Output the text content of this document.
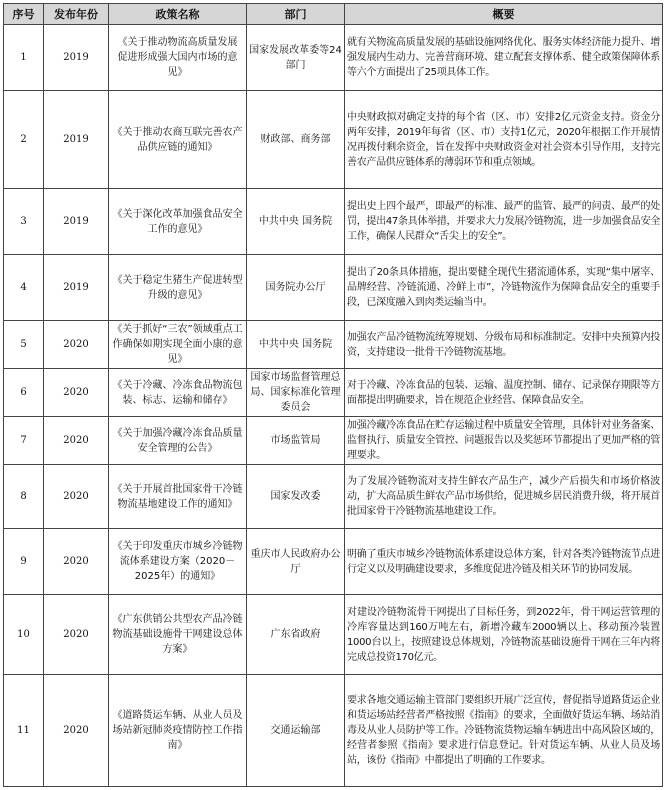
序号	发布年份	政策名称	部门	概要
1	2019	《关于推动物流高质量发展 促进形成强大国内市场的意见》	国家发展改革委等24部门	就有关物流高质量发展的基础设施网络优化、服务实体经济能力提升、增强发展内生动力、完善营商环境、建立配套支撑体系、健全政策保障体系等六个方面提出了25项具体工作。
2	2019	《关于推动农商互联完善农产品供应链的通知》	财政部、商务部	中央财政拟对确定支持的每个省（区、市）安排2亿元资金支持。资金分两年安排，2019年每省（区、市）支持1亿元，2020年根据工作开展情况再拨付剩余资金，旨在发挥中央财政资金对社会资本引导作用，支持完善农产品供应链体系的薄弱环节和重点领域。
3	2019	《关于深化改革加强食品安全工作的意见》	中共中央 国务院	提出史上四个最严，即最严的标准、最严的监管、最严的问责、最严的处罚，提出47条具体举措，并要求大力发展冷链物流，进一步加强食品安全工作，确保人民群众“舌尖上的安全”。
4	2019	《关于稳定生猪生产促进转型升级的意见》	国务院办公厅	提出了20条具体措施，提出要健全现代生猪流通体系，实现“集中屠宰、品牌经营、冷链流通、冷鲜上市”，冷链物流作为保障食品安全的重要手段，已深度融入到肉类运输当中。
5	2020	《关于抓好“三农”领域重点工作确保如期实现全面小康的意见》	中共中央 国务院	加强农产品冷链物流统筹规划、分级布局和标准制定。安排中央预算内投资，支持建设一批骨干冷链物流基地。
6	2020	《关于冷藏、冷冻食品物流包装、标志、运输和储存》	国家市场监督管理总局、国家标准化管理委员会	对于冷藏、冷冻食品的包装、运输、温度控制、储存、记录保存期限等方面都提出明确要求，旨在规范企业经营、保障食品安全。
7	2020	《关于加强冷藏冷冻食品质量安全管理的公告》	市场监管局	加强冷藏冷冻食品在贮存运输过程中质量安全管理，具体针对业务备案、监督执行、质量安全管控、问题报告以及奖惩环节都提出了更加严格的管理要求。
8	2020	《关于开展首批国家骨干冷链物流基地建设工作的通知》	国家发改委	为了发展冷链物流对支持生鲜农产品生产，减少产后损失和市场价格波动，扩大高品质生鲜农产品市场供给，促进城乡居民消费升级，将开展首批国家骨干冷链物流基地建设工作。
9	2020	《关于印发重庆市城乡冷链物流体系建设方案（2020－2025年）的通知》	重庆市人民政府办公厅	明确了重庆市城乡冷链物流体系建设总体方案，针对各类冷链物流节点进行定义以及明确建设要求，多维度促进冷链及相关环节的协同发展。
10	2020	《广东供销公共型农产品冷链物流基础设施骨干网建设总体方案》	广东省政府	对建设冷链物流骨干网提出了目标任务，到2022年，骨干网运营管理的冷库容量达到160万吨左右，新增冷藏车2000辆以上、移动预冷装置1000台以上，按照建设总体规划，冷链物流基础设施骨干网在三年内将完成总投资170亿元。
11	2020	《道路货运车辆、从业人员及场站新冠肺炎疫情防控工作指南》	交通运输部	要求各地交通运输主管部门要组织开展广泛宣传，督促指导道路货运企业和货运场站经营者严格按照《指南》的要求，全面做好货运车辆、场站消毒及从业人员防护等工作。冷链物流货物运输车辆进出中高风险区域的，经营者参照《指南》要求进行信息登记。针对货运车辆、从业人员及场站，该份《指南》中都提出了明确的工作要求。
